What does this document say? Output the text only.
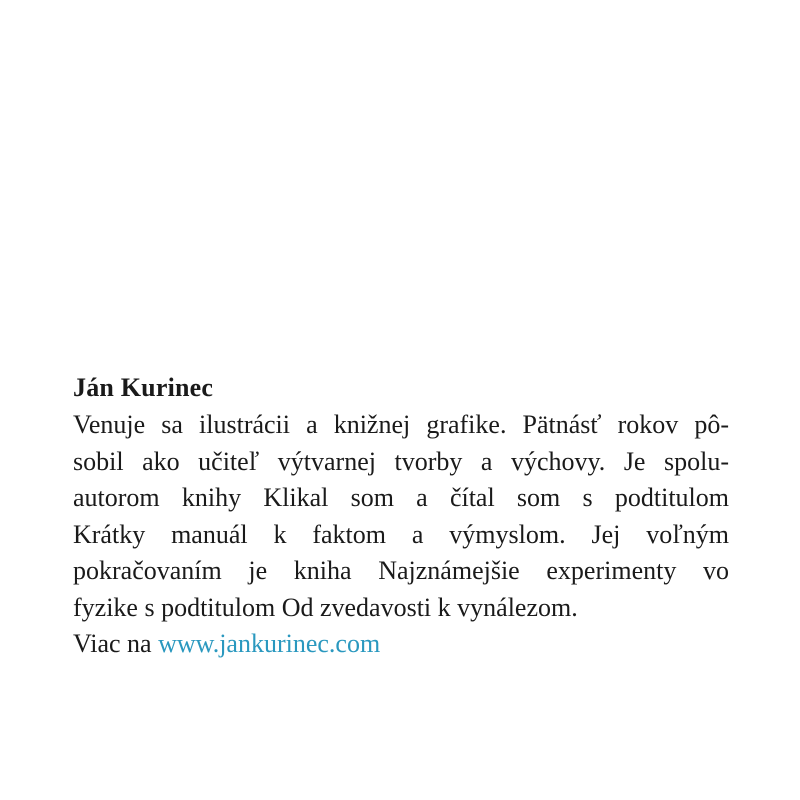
Ján Kurinec
Venuje sa ilustrácii a knižnej grafike. Pätnásť rokov pô-
sobil ako učiteľ výtvarnej tvorby a výchovy. Je spolu-
autorom knihy Klikal som a čítal som s podtitulom
Krátky manuál k faktom a výmyslom. Jej voľným
pokračovaním je kniha Najznámejšie experimenty vo
fyzike s podtitulom Od zvedavosti k vynálezom.
Viac na www.jankurinec.com
